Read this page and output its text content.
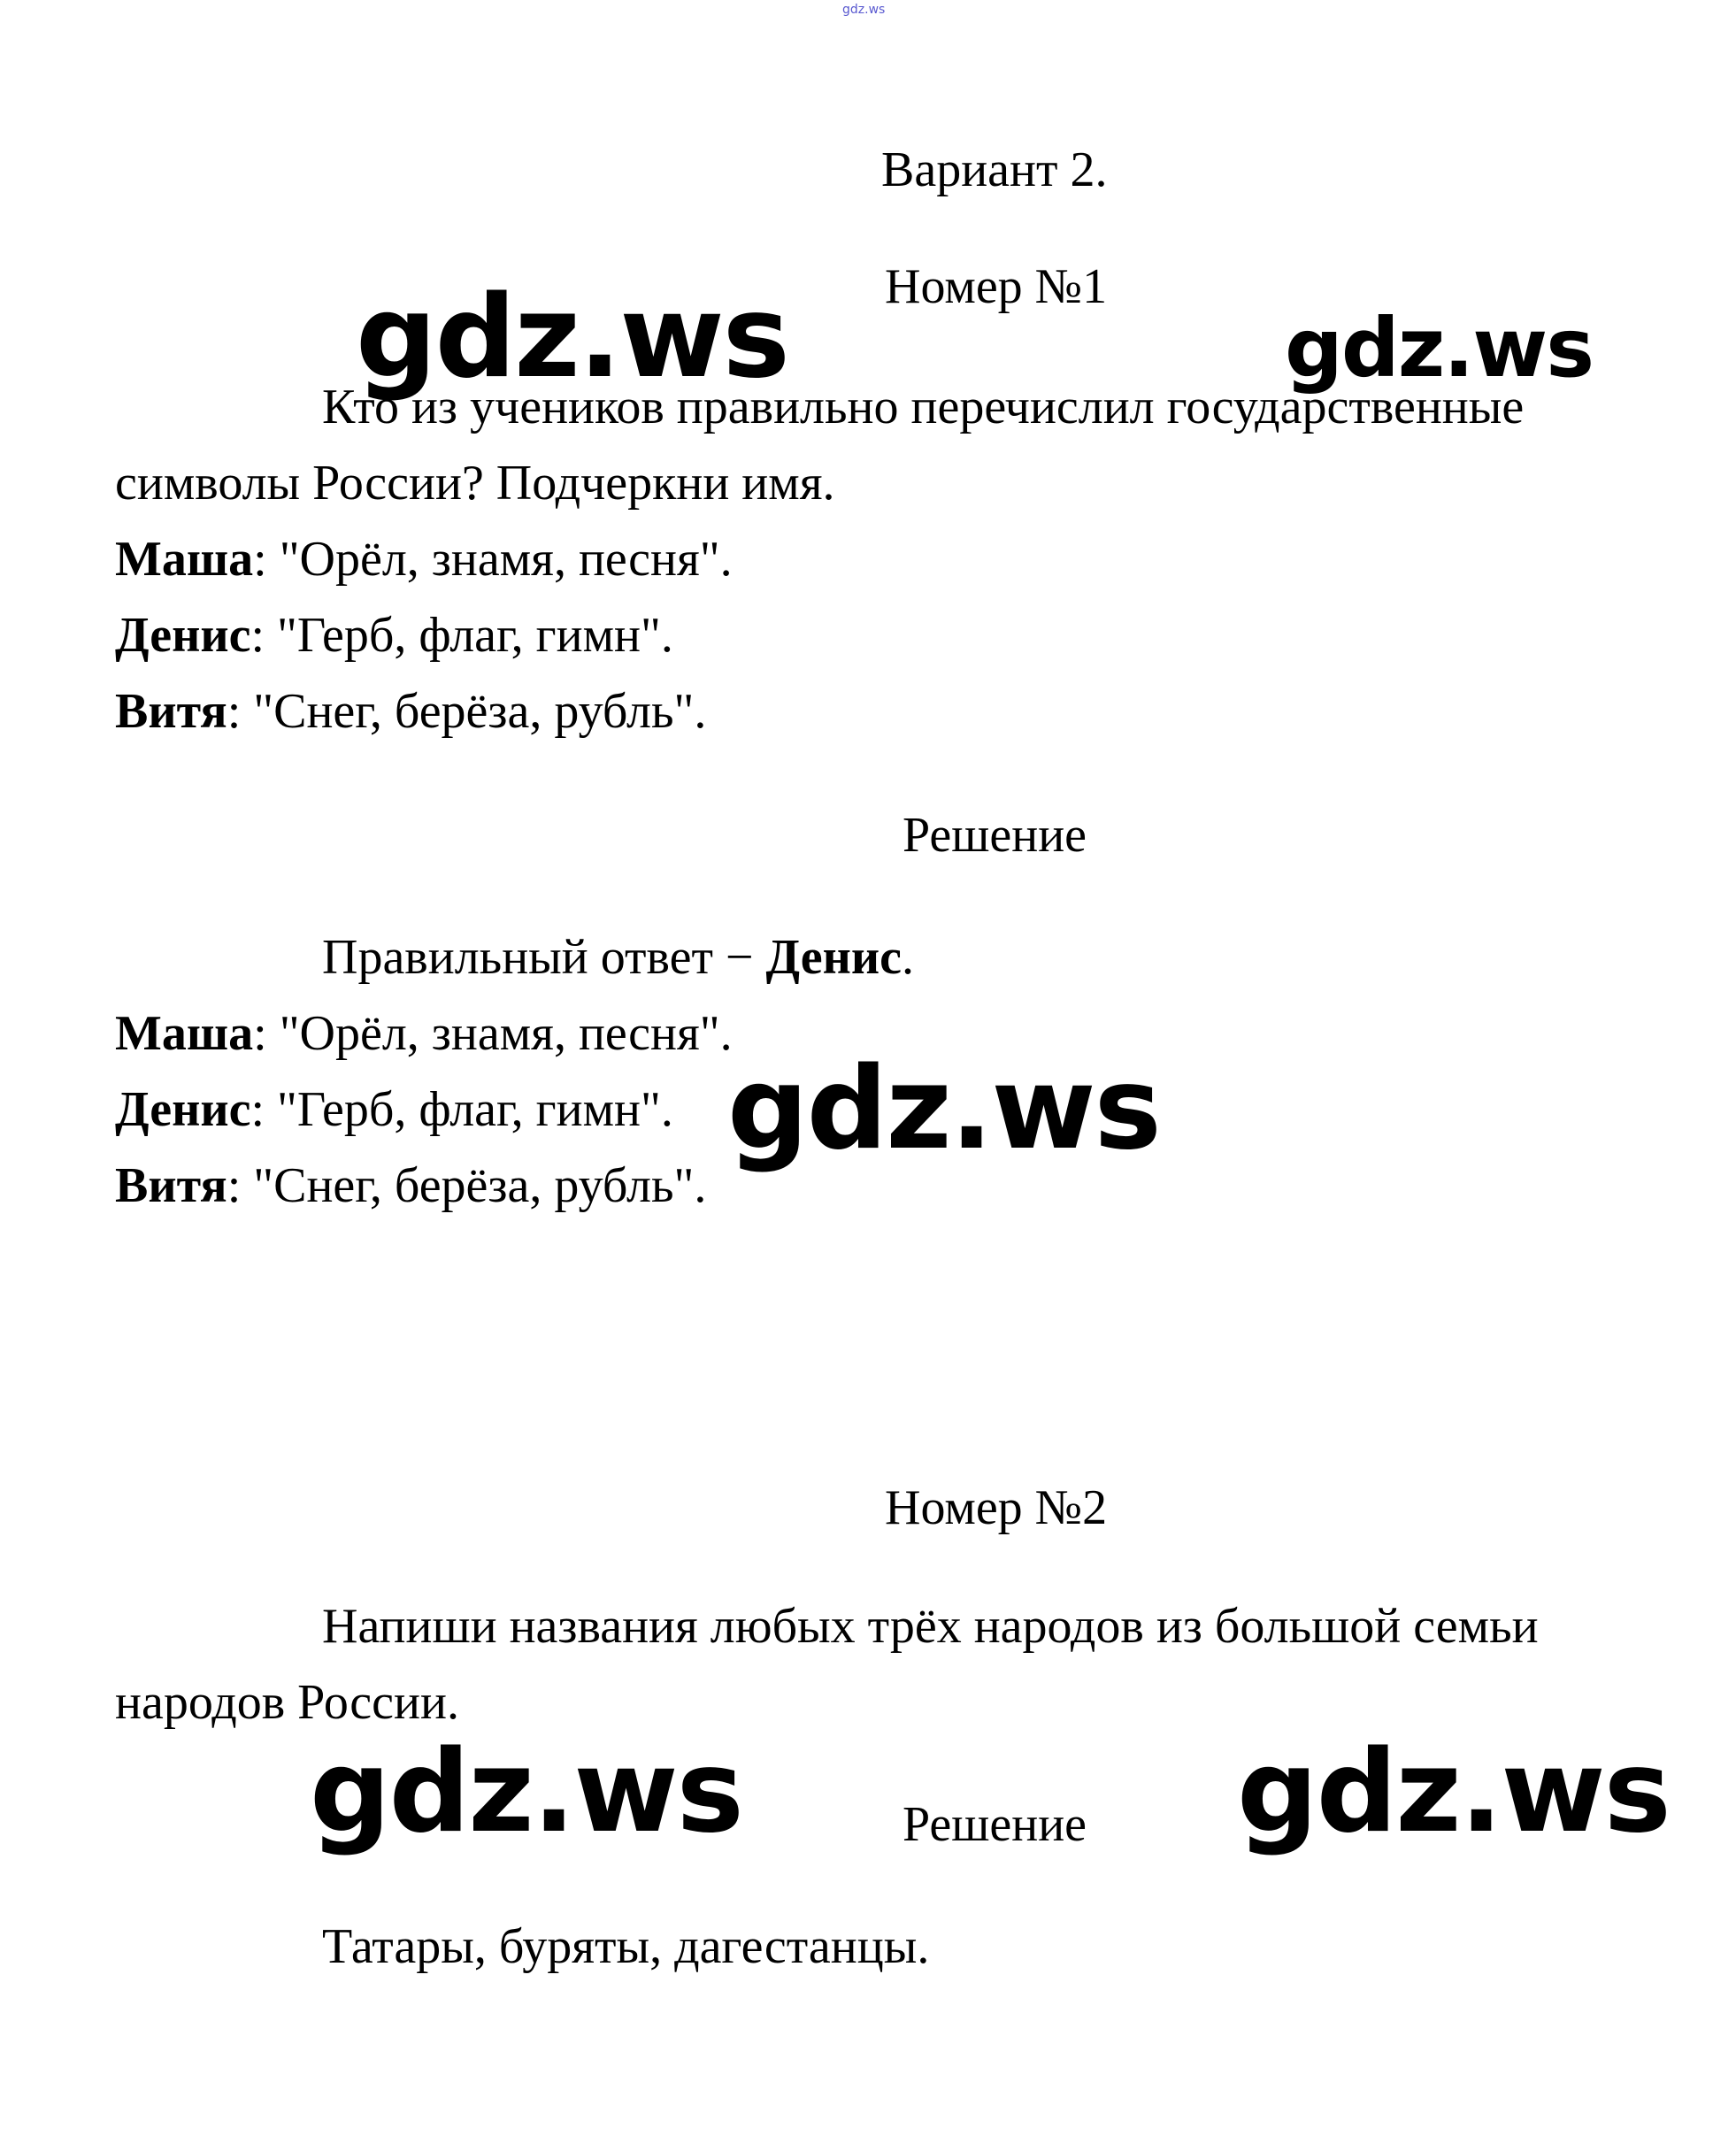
gdz.ws
Вариант 2.
Номер №1
Кто из учеников правильно перечислил государственные
символы России? Подчеркни имя.
Маша: "Орёл, знамя, песня".
Денис: "Герб, флаг, гимн".
Витя: "Снег, берёза, рубль".
Решение
Правильный ответ − Денис.
Маша: "Орёл, знамя, песня".
Денис: "Герб, флаг, гимн".
Витя: "Снег, берёза, рубль".
Номер №2
Напиши названия любых трёх народов из большой семьи
народов России.
Решение
Татары, буряты, дагестанцы.
gdz.ws	gdz.ws
gdz.ws
gdz.ws	gdz.ws
